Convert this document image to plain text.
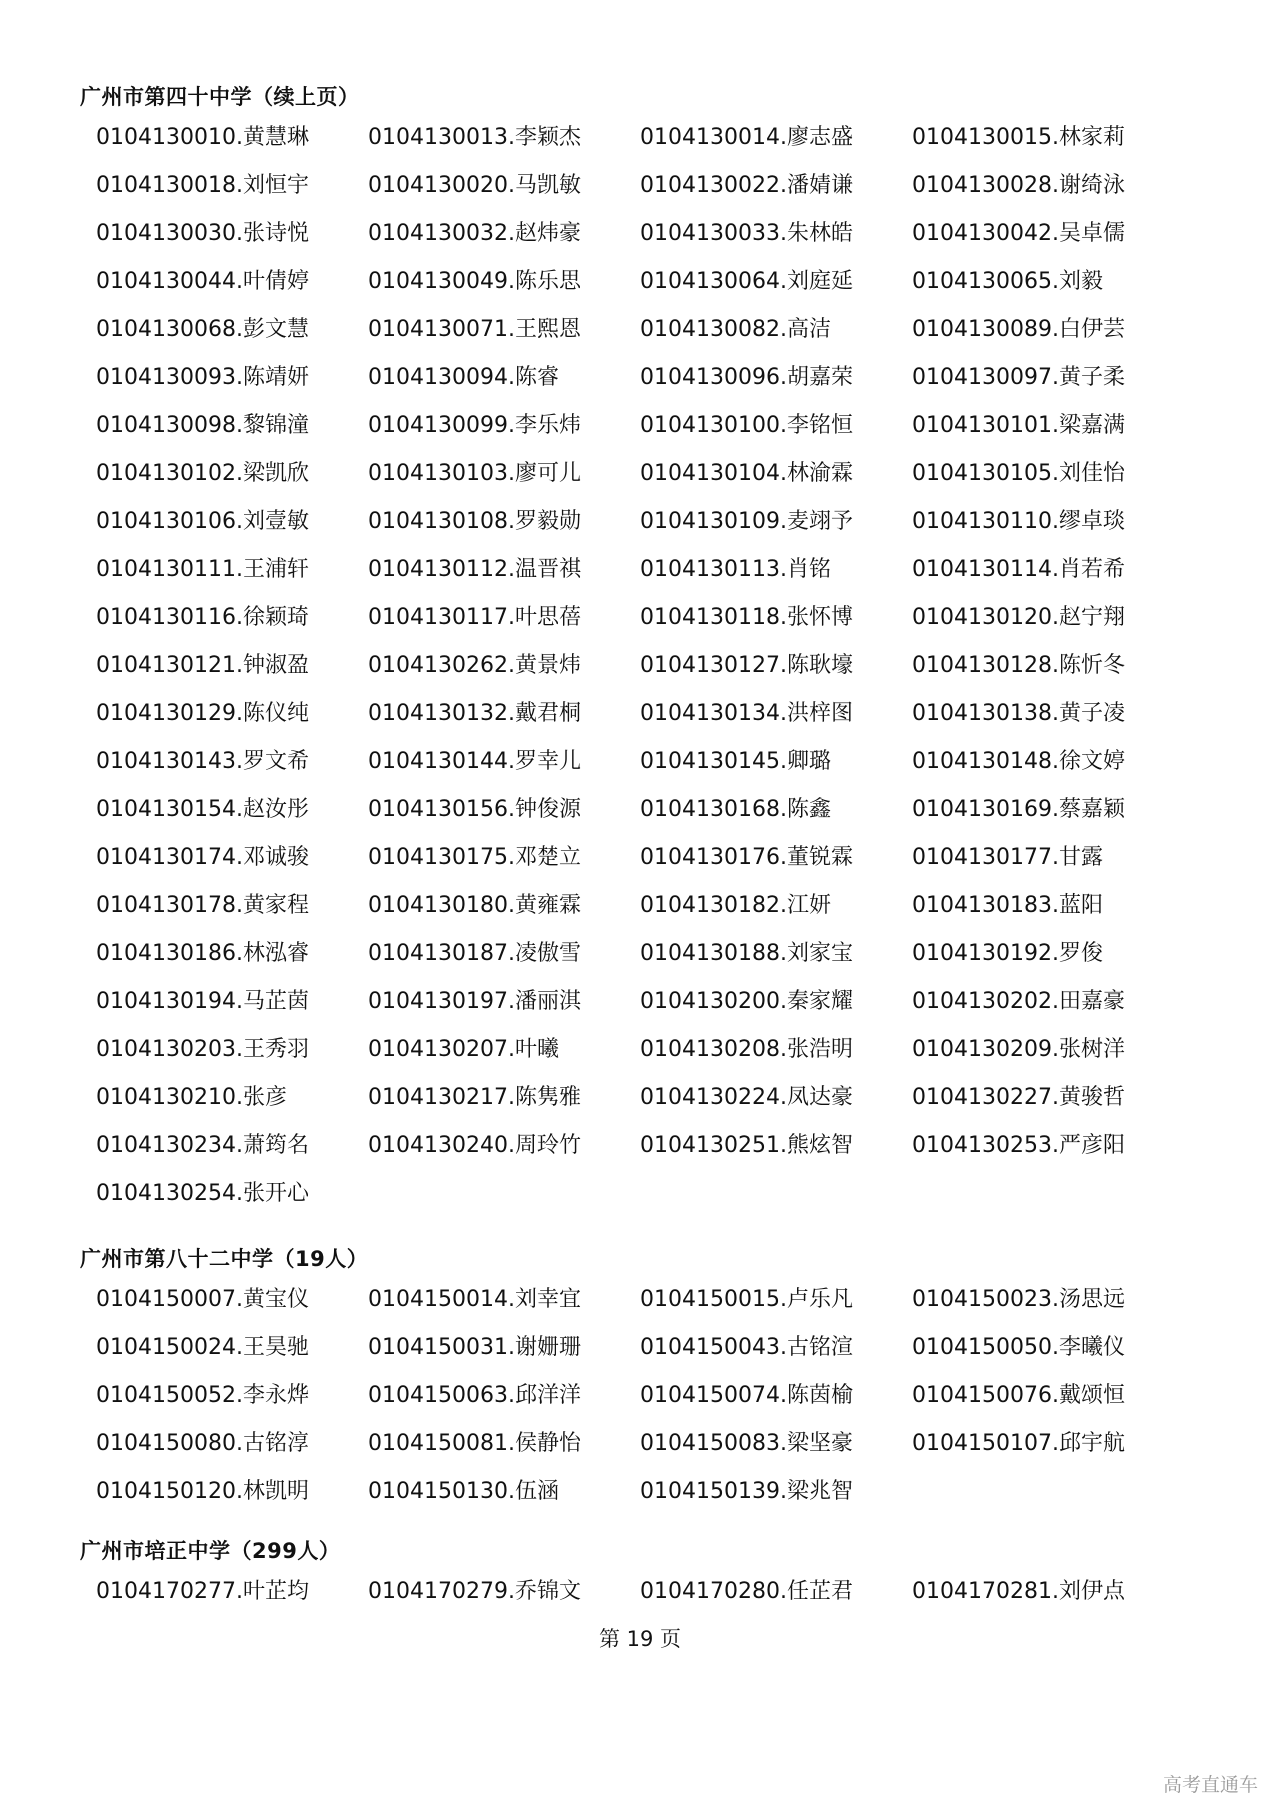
广州市第四十中学（续上页）
0104130010.黄慧琳	0104130013.李颖杰	0104130014.廖志盛	0104130015.林家莉
0104130018.刘恒宇	0104130020.马凯敏	0104130022.潘婧谦	0104130028.谢绮泳
0104130030.张诗悦	0104130032.赵炜豪	0104130033.朱林皓	0104130042.吴卓儒
0104130044.叶倩婷	0104130049.陈乐思	0104130064.刘庭延	0104130065.刘毅
0104130068.彭文慧	0104130071.王熙恩	0104130082.高洁	0104130089.白伊芸
0104130093.陈靖妍	0104130094.陈睿	0104130096.胡嘉荣	0104130097.黄子柔
0104130098.黎锦潼	0104130099.李乐炜	0104130100.李铭恒	0104130101.梁嘉满
0104130102.梁凯欣	0104130103.廖可儿	0104130104.林渝霖	0104130105.刘佳怡
0104130106.刘壹敏	0104130108.罗毅勋	0104130109.麦翊予	0104130110.缪卓琰
0104130111.王浦轩	0104130112.温晋祺	0104130113.肖铭	0104130114.肖若希
0104130116.徐颖琦	0104130117.叶思蓓	0104130118.张怀博	0104130120.赵宁翔
0104130121.钟淑盈	0104130262.黄景炜	0104130127.陈耿壕	0104130128.陈忻冬
0104130129.陈仪纯	0104130132.戴君桐	0104130134.洪梓图	0104130138.黄子凌
0104130143.罗文希	0104130144.罗幸儿	0104130145.卿璐	0104130148.徐文婷
0104130154.赵汝彤	0104130156.钟俊源	0104130168.陈鑫	0104130169.蔡嘉颖
0104130174.邓诚骏	0104130175.邓楚立	0104130176.董锐霖	0104130177.甘露
0104130178.黄家程	0104130180.黄雍霖	0104130182.江妍	0104130183.蓝阳
0104130186.林泓睿	0104130187.凌傲雪	0104130188.刘家宝	0104130192.罗俊
0104130194.马芷茵	0104130197.潘丽淇	0104130200.秦家耀	0104130202.田嘉豪
0104130203.王秀羽	0104130207.叶曦	0104130208.张浩明	0104130209.张树洋
0104130210.张彦	0104130217.陈隽雅	0104130224.凤达豪	0104130227.黄骏哲
0104130234.萧筠名	0104130240.周玲竹	0104130251.熊炫智	0104130253.严彦阳
0104130254.张开心
广州市第八十二中学（19人）
0104150007.黄宝仪	0104150014.刘幸宜	0104150015.卢乐凡	0104150023.汤思远
0104150024.王昊驰	0104150031.谢姗珊	0104150043.古铭渲	0104150050.李曦仪
0104150052.李永烨	0104150063.邱洋洋	0104150074.陈茵榆	0104150076.戴颂恒
0104150080.古铭淳	0104150081.侯静怡	0104150083.梁坚豪	0104150107.邱宇航
0104150120.林凯明	0104150130.伍涵	0104150139.梁兆智
广州市培正中学（299人）
0104170277.叶芷均	0104170279.乔锦文	0104170280.任芷君	0104170281.刘伊点
第 19 页
高考直通车
